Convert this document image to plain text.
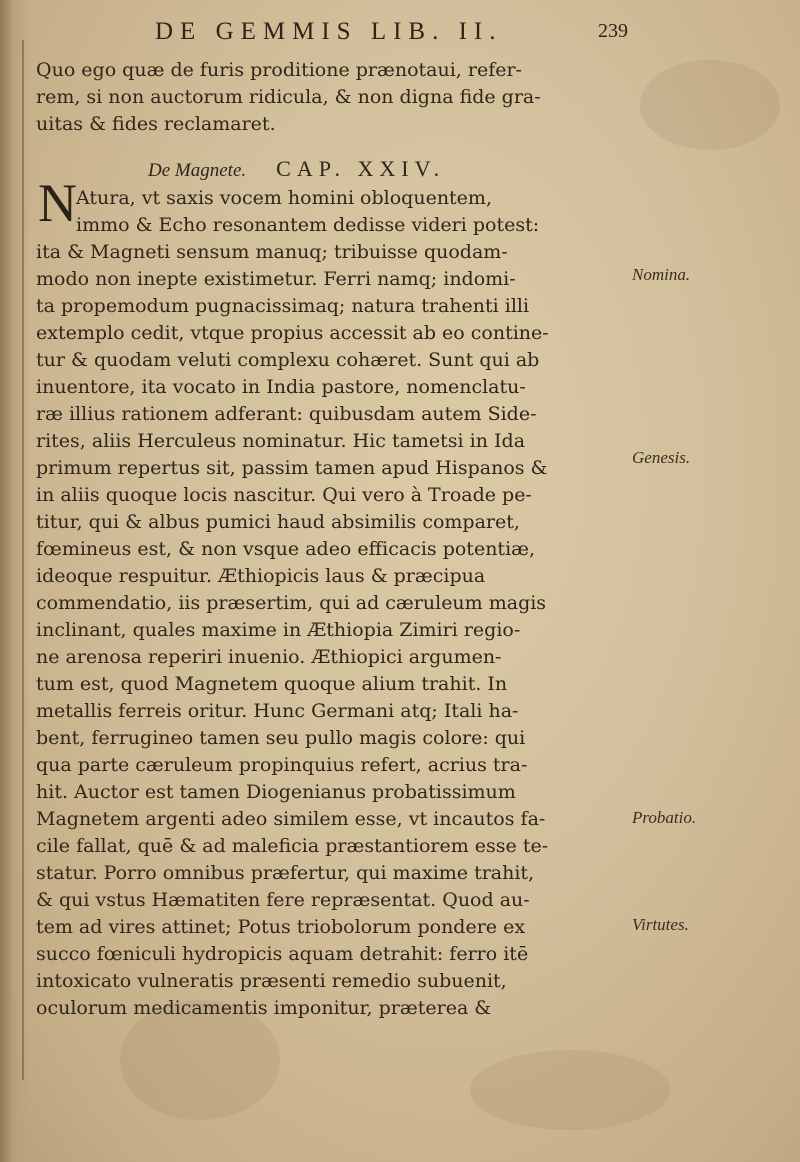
DE GEMMIS LIB. II.	239
Quo ego quæ de furis proditione prænotaui, refer-
rem, si non auctorum ridicula, & non digna fide gra-
uitas & fides reclamaret.
De Magnete. CAP. XXIV.
N Atura, vt saxis vocem homini obloquentem,
immo & Echo resonantem dedisse videri potest:
ita & Magneti sensum manuq; tribuisse quodam-
modo non inepte existimetur. Ferri namq; indomi-
ta propemodum pugnacissimaq; natura trahenti illi
extemplo cedit, vtque propius accessit ab eo contine-
tur & quodam veluti complexu cohæret. Sunt qui ab
inuentore, ita vocato in India pastore, nomenclatu-
ræ illius rationem adferant: quibusdam autem Side-
rites, aliis Herculeus nominatur. Hic tametsi in Ida
primum repertus sit, passim tamen apud Hispanos &
in aliis quoque locis nascitur. Qui vero à Troade pe-
titur, qui & albus pumici haud absimilis comparet,
fœmineus est, & non vsque adeo efficacis potentiæ,
ideoque respuitur. Æthiopicis laus & præcipua
commendatio, iis præsertim, qui ad cæruleum magis
inclinant, quales maxime in Æthiopia Zimiri regio-
ne arenosa reperiri inuenio. Æthiopici argumen-
tum est, quod Magnetem quoque alium trahit. In
metallis ferreis oritur. Hunc Germani atq; Itali ha-
bent, ferrugineo tamen seu pullo magis colore: qui
qua parte cæruleum propinquius refert, acrius tra-
hit. Auctor est tamen Diogenianus probatissimum
Magnetem argenti adeo similem esse, vt incautos fa-
cile fallat, quē & ad maleficia præstantiorem esse te-
statur. Porro omnibus præfertur, qui maxime trahit,
& qui vstus Hæmatiten fere repræsentat. Quod au-
tem ad vires attinet; Potus triobolorum pondere ex
succo fœniculi hydropicis aquam detrahit: ferro itē
intoxicato vulneratis præsenti remedio subuenit,
oculorum medicamentis imponitur, præterea &
Nomina.
Genesis.
Probatio.
Virtutes.
